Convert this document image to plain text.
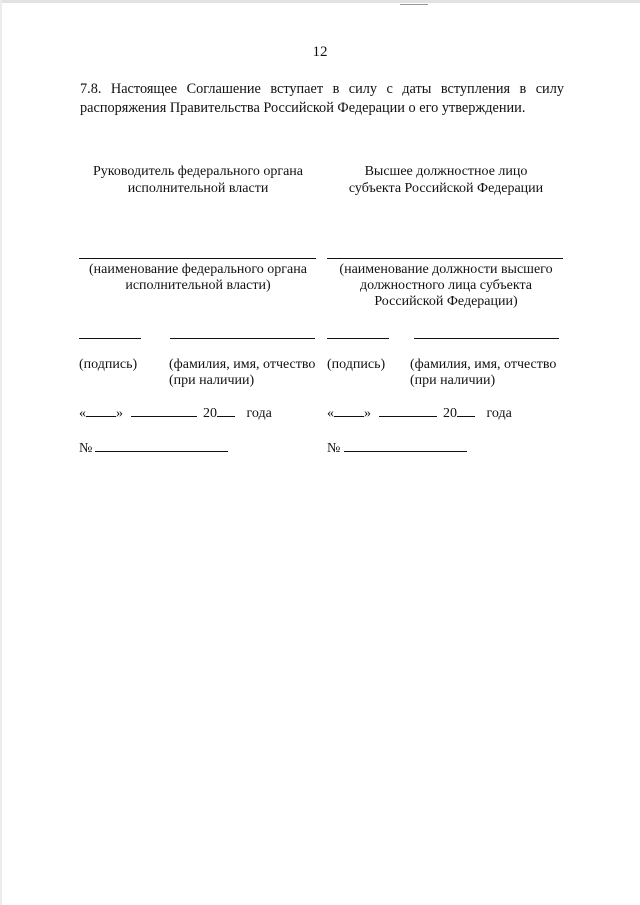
12
7.8. Настоящее Соглашение вступает в силу с даты вступления в силу
распоряжения Правительства Российской Федерации о его утверждении.
Руководитель федерального органа
исполнительной власти
(наименование федерального органа
исполнительной власти)
(подпись) (фамилия, имя, отчество
(при наличии)
« »	20 года
№
Высшее должностное лицо
субъекта Российской Федерации
(наименование должности высшего
должностного лица субъекта
Российской Федерации)
(подпись) (фамилия, имя, отчество
(при наличии)
« »	20 года
№
